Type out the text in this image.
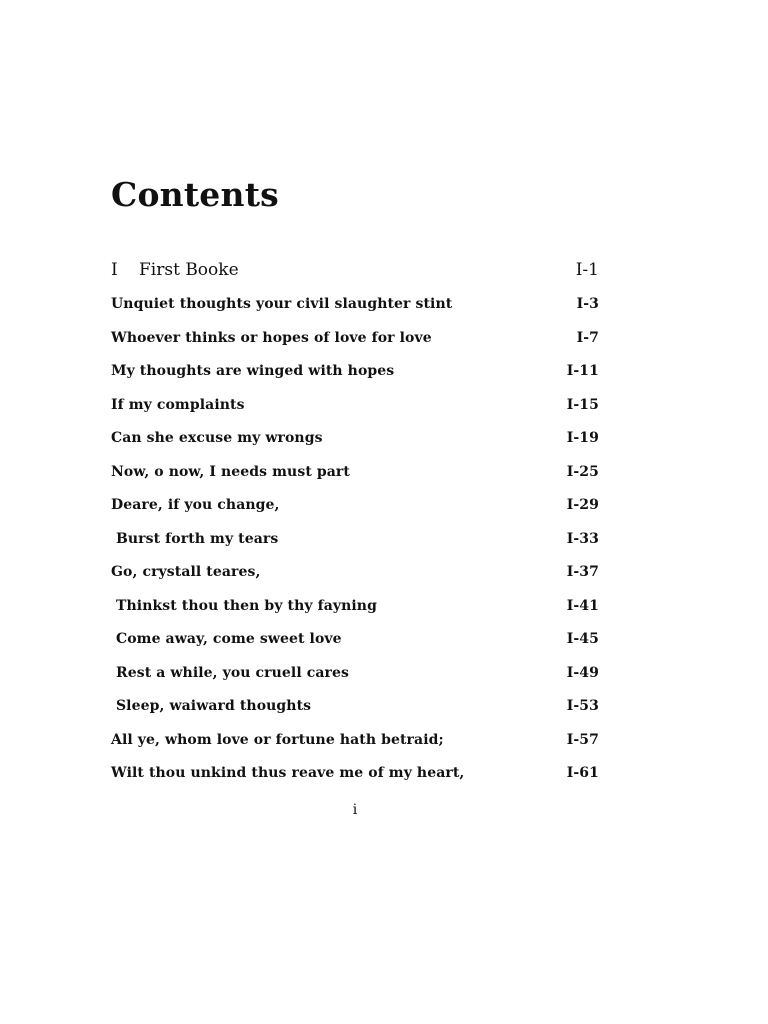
Contents
I First Booke	I-1
Unquiet thoughts your civil slaughter stint	I-3
Whoever thinks or hopes of love for love	I-7
My thoughts are winged with hopes	I-11
If my complaints	I-15
Can she excuse my wrongs	I-19
Now, o now, I needs must part	I-25
Deare, if you change,	I-29
Burst forth my tears	I-33
Go, crystall teares,	I-37
Thinkst thou then by thy fayning	I-41
Come away, come sweet love	I-45
Rest a while, you cruell cares	I-49
Sleep, waiward thoughts	I-53
All ye, whom love or fortune hath betraid;	I-57
Wilt thou unkind thus reave me of my heart,	I-61
i
